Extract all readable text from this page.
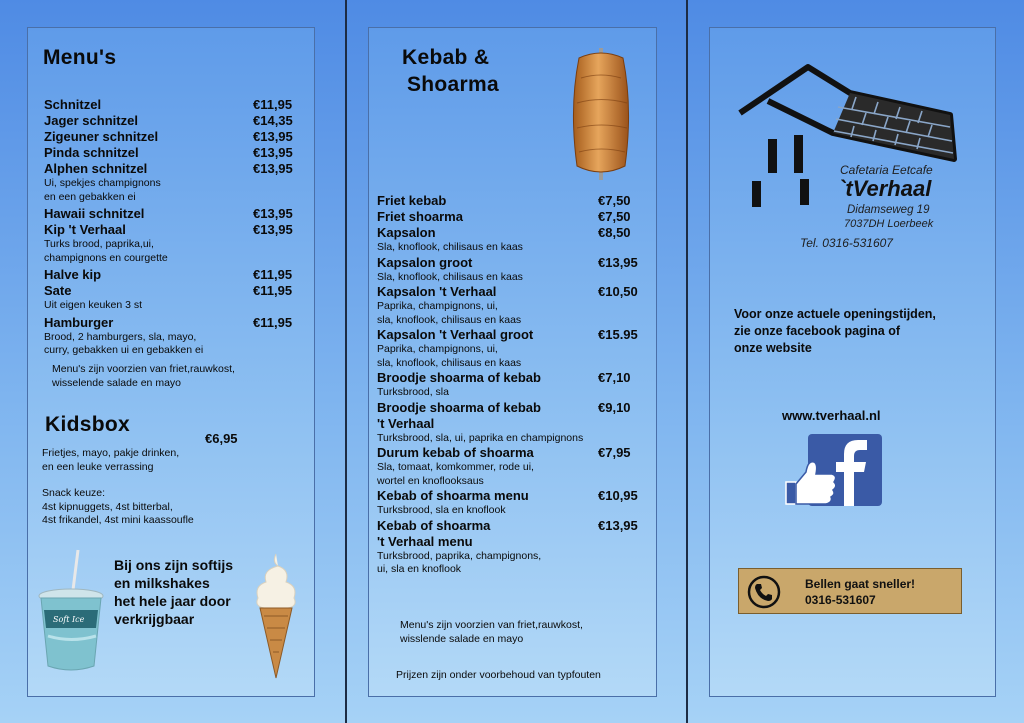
Menu's
Schnitzel	€11,95
Jager schnitzel	€14,35
Zigeuner schnitzel	€13,95
Pinda schnitzel	€13,95
Alphen schnitzel	€13,95
Ui, spekjes champignons
en een gebakken ei
Hawaii schnitzel	€13,95
Kip 't Verhaal	€13,95
Turks brood, paprika,ui,
champignons en courgette
Halve kip	€11,95
Sate	€11,95
Uit eigen keuken 3 st
Hamburger	€11,95
Brood, 2 hamburgers, sla, mayo,
curry, gebakken ui en gebakken ei
Menu's zijn voorzien van friet,rauwkost,
wisselende salade en mayo
Kidsbox
€6,95
Frietjes, mayo, pakje drinken,
en een leuke verrassing
Snack keuze:
4st kipnuggets, 4st bitterbal,
4st frikandel, 4st mini kaassoufle
Soft Ice
Bij ons zijn softijs
en milkshakes
het hele jaar door
verkrijgbaar
Kebab &
Shoarma
Friet kebab	€7,50
Friet shoarma	€7,50
Kapsalon	€8,50
Sla, knoflook, chilisaus en kaas
Kapsalon groot	€13,95
Sla, knoflook, chilisaus en kaas
Kapsalon 't Verhaal	€10,50
Paprika, champignons, ui,
sla, knoflook, chilisaus en kaas
Kapsalon 't Verhaal groot	€15.95
Paprika, champignons, ui,
sla, knoflook, chilisaus en kaas
Broodje shoarma of kebab	€7,10
Turksbrood, sla
Broodje shoarma of kebab	€9,10
't Verhaal
Turksbrood, sla, ui, paprika en champignons
Durum kebab of shoarma	€7,95
Sla, tomaat, komkommer, rode ui,
wortel en knoflooksaus
Kebab of shoarma menu	€10,95
Turksbrood, sla en knoflook
Kebab of shoarma	€13,95
't Verhaal menu
Turksbrood, paprika, champignons,
ui, sla en knoflook
Menu's zijn voorzien van friet,rauwkost,
wisslende salade en mayo
Prijzen zijn onder voorbehoud van typfouten
Cafetaria Eetcafe
`tVerhaal
Didamseweg 19
7037DH Loerbeek
Tel. 0316-531607
Voor onze actuele openingstijden,
zie onze facebook pagina of
onze website
www.tverhaal.nl
Bellen gaat sneller!
0316-531607
